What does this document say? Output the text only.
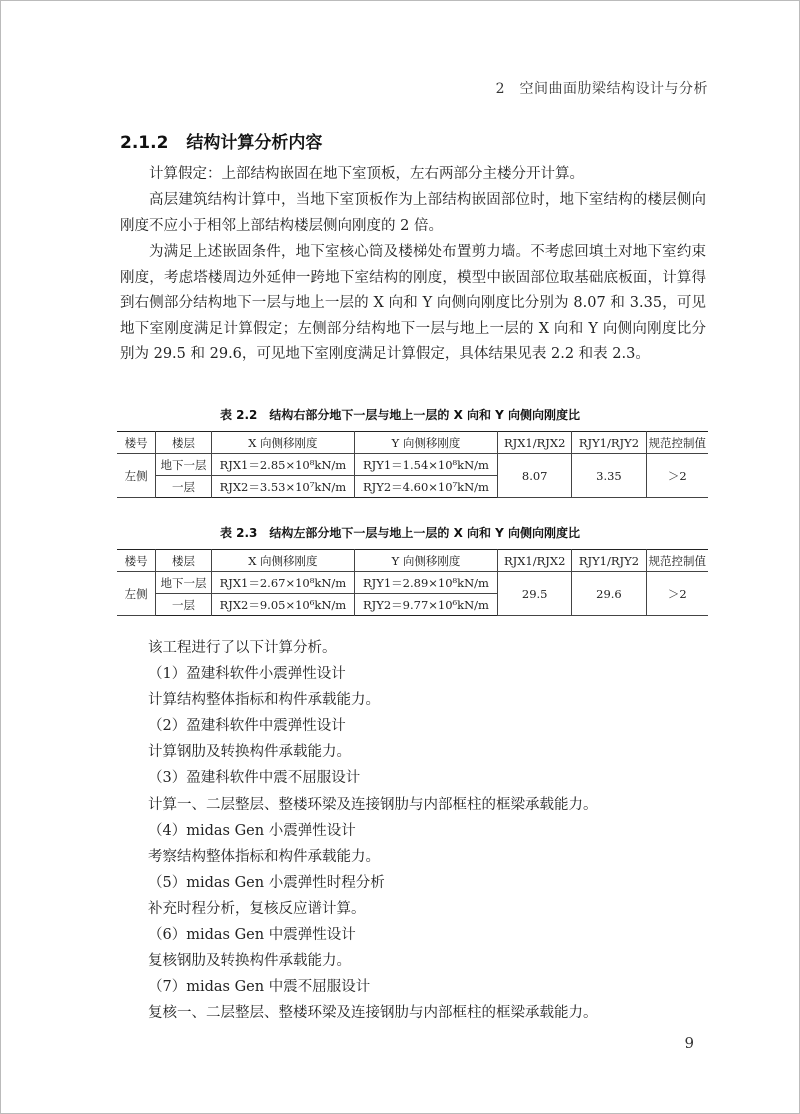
2　空间曲面肋梁结构设计与分析
2.1.2 结构计算分析内容

计算假定：上部结构嵌固在地下室顶板，左右两部分主楼分开计算。

高层建筑结构计算中，当地下室顶板作为上部结构嵌固部位时，地下室结构的楼层侧向刚度不应小于相邻上部结构楼层侧向刚度的 2 倍。

为满足上述嵌固条件，地下室核心筒及楼梯处布置剪力墙。不考虑回填土对地下室约束刚度，考虑塔楼周边外延伸一跨地下室结构的刚度，模型中嵌固部位取基础底板面，计算得到右侧部分结构地下一层与地上一层的 X 向和 Y 向侧向刚度比分别为 8.07 和 3.35，可见地下室刚度满足计算假定；左侧部分结构地下一层与地上一层的 X 向和 Y 向侧向刚度比分别为 29.5 和 29.6，可见地下室刚度满足计算假定，具体结果见表 2.2 和表 2.3。

表 2.2　结构右部分地下一层与地上一层的 X 向和 Y 向侧向刚度比
楼号	楼层	X 向侧移刚度	Y 向侧移刚度	RJX1/RJX2	RJY1/RJY2	规范控制值
左侧	地下一层	RJX1＝2.85×10⁸kN/m	RJY1＝1.54×10⁸kN/m	8.07	3.35	＞2
	一层	RJX2＝3.53×10⁷kN/m	RJY2＝4.60×10⁷kN/m			
表 2.3　结构左部分地下一层与地上一层的 X 向和 Y 向侧向刚度比
楼号	楼层	X 向侧移刚度	Y 向侧移刚度	RJX1/RJX2	RJY1/RJY2	规范控制值
左侧	地下一层	RJX1＝2.67×10⁸kN/m	RJY1＝2.89×10⁸kN/m	29.5	29.6	＞2
	一层	RJX2＝9.05×10⁶kN/m	RJY2＝9.77×10⁶kN/m			
该工程进行了以下计算分析。
（1）盈建科软件小震弹性设计
计算结构整体指标和构件承载能力。
（2）盈建科软件中震弹性设计
计算钢肋及转换构件承载能力。
（3）盈建科软件中震不屈服设计
计算一、二层整层、整楼环梁及连接钢肋与内部框柱的框梁承载能力。
（4）midas Gen 小震弹性设计
考察结构整体指标和构件承载能力。
（5）midas Gen 小震弹性时程分析
补充时程分析，复核反应谱计算。
（6）midas Gen 中震弹性设计
复核钢肋及转换构件承载能力。
（7）midas Gen 中震不屈服设计
复核一、二层整层、整楼环梁及连接钢肋与内部框柱的框梁承载能力。
9
